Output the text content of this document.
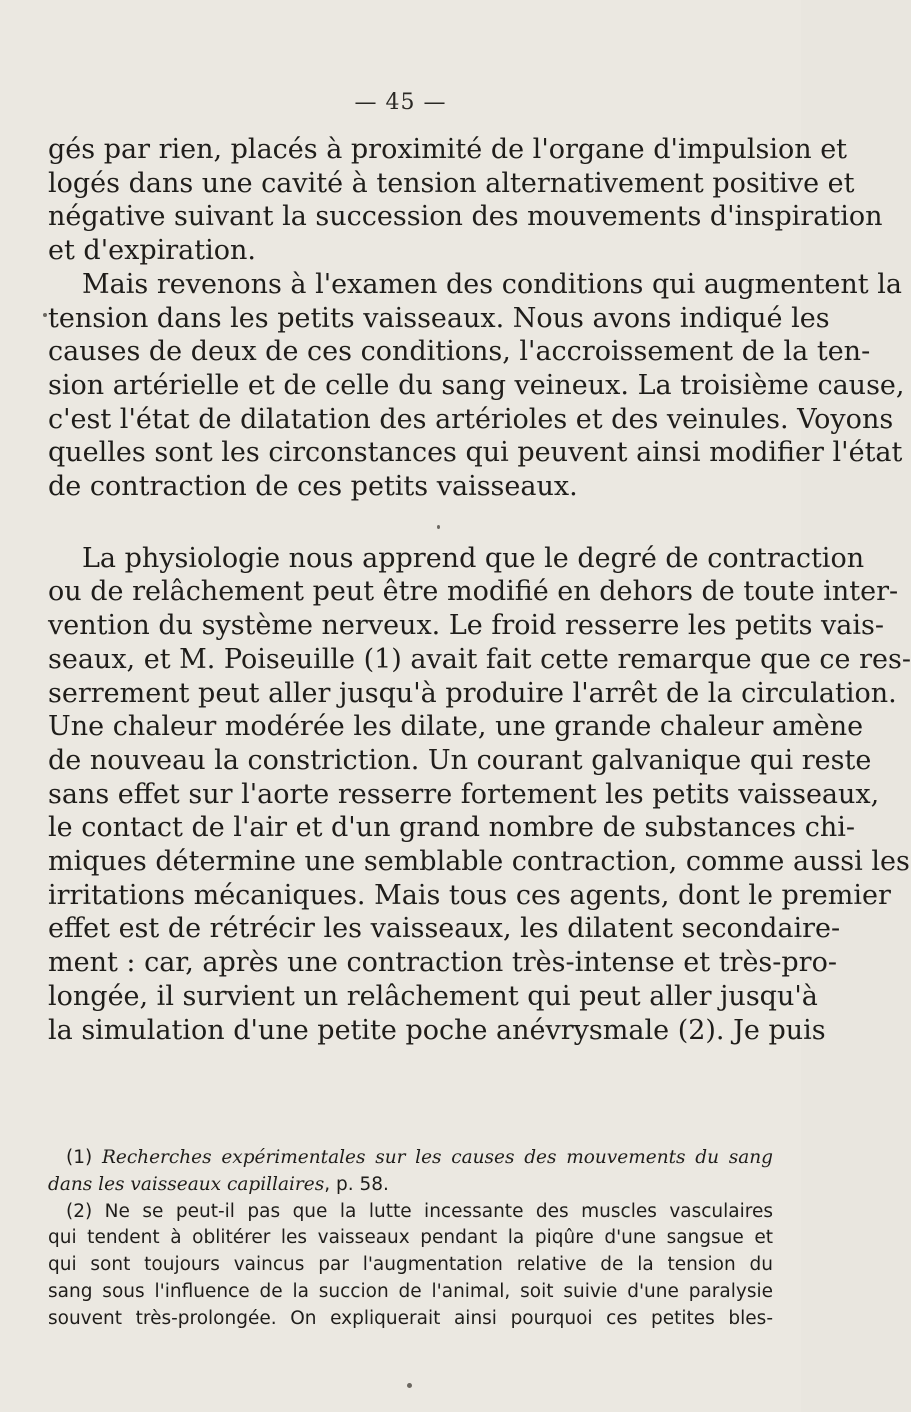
— 45 —

gés par rien, placés à proximité de l'organe d'impulsion et
logés dans une cavité à tension alternativement positive et
négative suivant la succession des mouvements d'inspiration
et d'expiration.

Mais revenons à l'examen des conditions qui augmentent la
tension dans les petits vaisseaux. Nous avons indiqué les
causes de deux de ces conditions, l'accroissement de la ten-
sion artérielle et de celle du sang veineux. La troisième cause,
c'est l'état de dilatation des artérioles et des veinules. Voyons
quelles sont les circonstances qui peuvent ainsi modifier l'état
de contraction de ces petits vaisseaux.

La physiologie nous apprend que le degré de contraction
ou de relâchement peut être modifié en dehors de toute inter-
vention du système nerveux. Le froid resserre les petits vais-
seaux, et M. Poiseuille (1) avait fait cette remarque que ce res-
serrement peut aller jusqu'à produire l'arrêt de la circulation.
Une chaleur modérée les dilate, une grande chaleur amène
de nouveau la constriction. Un courant galvanique qui reste
sans effet sur l'aorte resserre fortement les petits vaisseaux,
le contact de l'air et d'un grand nombre de substances chi-
miques détermine une semblable contraction, comme aussi les
irritations mécaniques. Mais tous ces agents, dont le premier
effet est de rétrécir les vaisseaux, les dilatent secondaire-
ment : car, après une contraction très-intense et très-pro-
longée, il survient un relâchement qui peut aller jusqu'à
la simulation d'une petite poche anévrysmale (2). Je puis

(1) Recherches expérimentales sur les causes des mouvements du sang
dans les vaisseaux capillaires, p. 58.

(2) Ne se peut-il pas que la lutte incessante des muscles vasculaires
qui tendent à oblitérer les vaisseaux pendant la piqûre d'une sangsue et
qui sont toujours vaincus par l'augmentation relative de la tension du
sang sous l'influence de la succion de l'animal, soit suivie d'une paralysie
souvent très-prolongée. On expliquerait ainsi pourquoi ces petites bles-
